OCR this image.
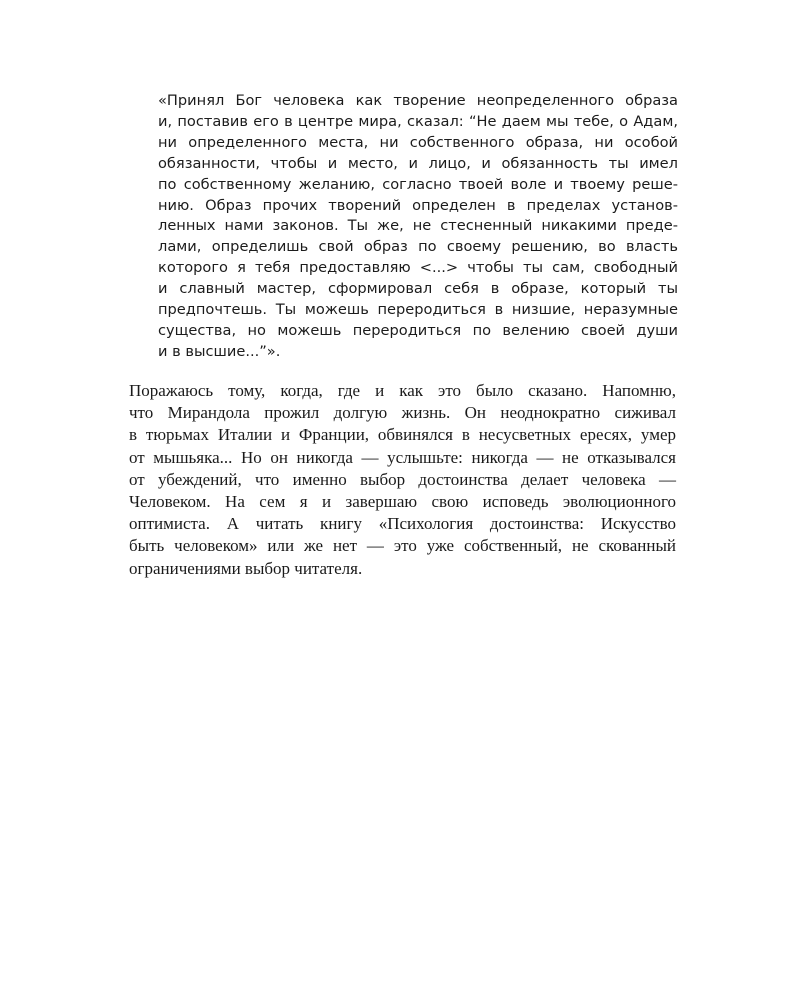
«Принял Бог человека как творение неопределенного образа
и, поставив его в центре мира, сказал: “Не даем мы тебе, о Адам,
ни определенного места, ни собственного образа, ни особой
обязанности, чтобы и место, и лицо, и обязанность ты имел
по собственному желанию, согласно твоей воле и твоему реше-
нию. Образ прочих творений определен в пределах установ-
ленных нами законов. Ты же, не стесненный никакими преде-
лами, определишь свой образ по своему решению, во власть
которого я тебя предоставляю <...> чтобы ты сам, свободный
и славный мастер, сформировал себя в образе, который ты
предпочтешь. Ты можешь переродиться в низшие, неразумные
существа, но можешь переродиться по велению своей души
и в высшие...”».
Поражаюсь тому, когда, где и как это было сказано. Напомню,
что Мирандола прожил долгую жизнь. Он неоднократно сиживал
в тюрьмах Италии и Франции, обвинялся в несусветных ересях, умер
от мышьяка... Но он никогда — услышьте: никогда — не отказывался
от убеждений, что именно выбор достоинства делает человека —
Человеком. На сем я и завершаю свою исповедь эволюционного
оптимиста. А читать книгу «Психология достоинства: Искусство
быть человеком» или же нет — это уже собственный, не скованный
ограничениями выбор читателя.
